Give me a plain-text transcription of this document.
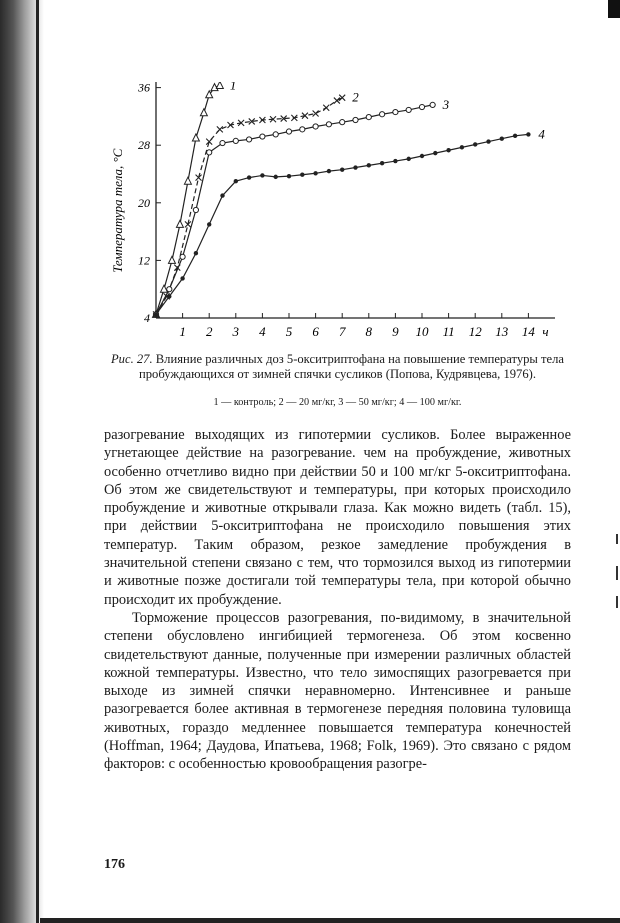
1 2 3 4 5 6 7 8 9 10 11 12 13 14 ч
4
12
20
28
36
Температура тела, °С
1
2	3
4
Рис. 27. Влияние различных доз 5-окситриптофана на повышение температуры тела пробуждающихся от зимней спячки сусликов (Попова, Кудрявцева, 1976).
1 — контроль; 2 — 20 мг/кг, 3 — 50 мг/кг; 4 — 100 мг/кг.

разогревание выходящих из гипотермии сусликов. Более выраженное угнетающее действие на разогревание. чем на пробуждение, животных особенно отчетливо видно при действии 50 и 100 мг/кг 5-окситриптофана. Об этом же свидетельствуют и температуры, при которых происходило пробуждение и животные открывали глаза. Как можно видеть (табл. 15), при действии 5-окситриптофана не происходило повышения этих температур. Таким образом, резкое замедление пробуждения в значительной степени связано с тем, что тормозился выход из гипотермии и животные позже достигали той температуры тела, при которой обычно происходит их пробуждение.

Торможение процессов разогревания, по-видимому, в значительной степени обусловлено ингибицией термогенеза. Об этом косвенно свидетельствуют данные, полученные при измерении различных областей кожной температуры. Известно, что тело зимоспящих разогревается при выходе из зимней спячки неравномерно. Интенсивнее и раньше разогревается более активная в термогенезе передняя половина туловища животных, гораздо медленнее повышается температура конечностей (Hoffman, 1964; Даудова, Ипатьева, 1968; Folk, 1969). Это связано с рядом факторов: с особенностью кровообращения разогре-

176
